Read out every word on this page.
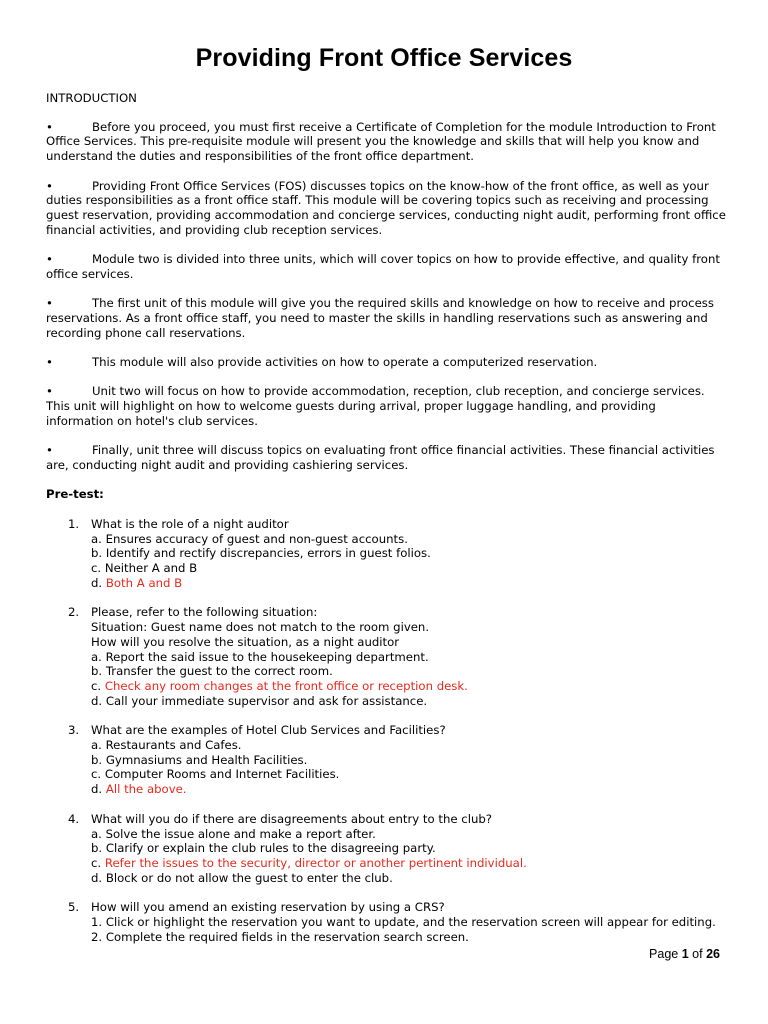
Providing Front Office Services
INTRODUCTION
•	Before you proceed, you must first receive a Certificate of Completion for the module Introduction to Front Office Services. This pre-requisite module will present you the knowledge and skills that will help you know and understand the duties and responsibilities of the front office department.
•	Providing Front Office Services (FOS) discusses topics on the know-how of the front office, as well as your duties responsibilities as a front office staff. This module will be covering topics such as receiving and processing guest reservation, providing accommodation and concierge services, conducting night audit, performing front office financial activities, and providing club reception services.
•	Module two is divided into three units, which will cover topics on how to provide effective, and quality front office services.
•	The first unit of this module will give you the required skills and knowledge on how to receive and process reservations. As a front office staff, you need to master the skills in handling reservations such as answering and recording phone call reservations.
•	This module will also provide activities on how to operate a computerized reservation.
•	Unit two will focus on how to provide accommodation, reception, club reception, and concierge services. This unit will highlight on how to welcome guests during arrival, proper luggage handling, and providing information on hotel's club services.
•	Finally, unit three will discuss topics on evaluating front office financial activities. These financial activities are, conducting night audit and providing cashiering services.
Pre-test:
1. What is the role of a night auditor
a. Ensures accuracy of guest and non-guest accounts.
b. Identify and rectify discrepancies, errors in guest folios.
c. Neither A and B
d. Both A and B
2. Please, refer to the following situation:
Situation: Guest name does not match to the room given.
How will you resolve the situation, as a night auditor
a. Report the said issue to the housekeeping department.
b. Transfer the guest to the correct room.
c. Check any room changes at the front office or reception desk.
d. Call your immediate supervisor and ask for assistance.
3. What are the examples of Hotel Club Services and Facilities?
a. Restaurants and Cafes.
b. Gymnasiums and Health Facilities.
c. Computer Rooms and Internet Facilities.
d. All the above.
4. What will you do if there are disagreements about entry to the club?
a. Solve the issue alone and make a report after.
b. Clarify or explain the club rules to the disagreeing party.
c. Refer the issues to the security, director or another pertinent individual.
d. Block or do not allow the guest to enter the club.
5. How will you amend an existing reservation by using a CRS?
1. Click or highlight the reservation you want to update, and the reservation screen will appear for editing.
2. Complete the required fields in the reservation search screen.
Page 1 of 26
